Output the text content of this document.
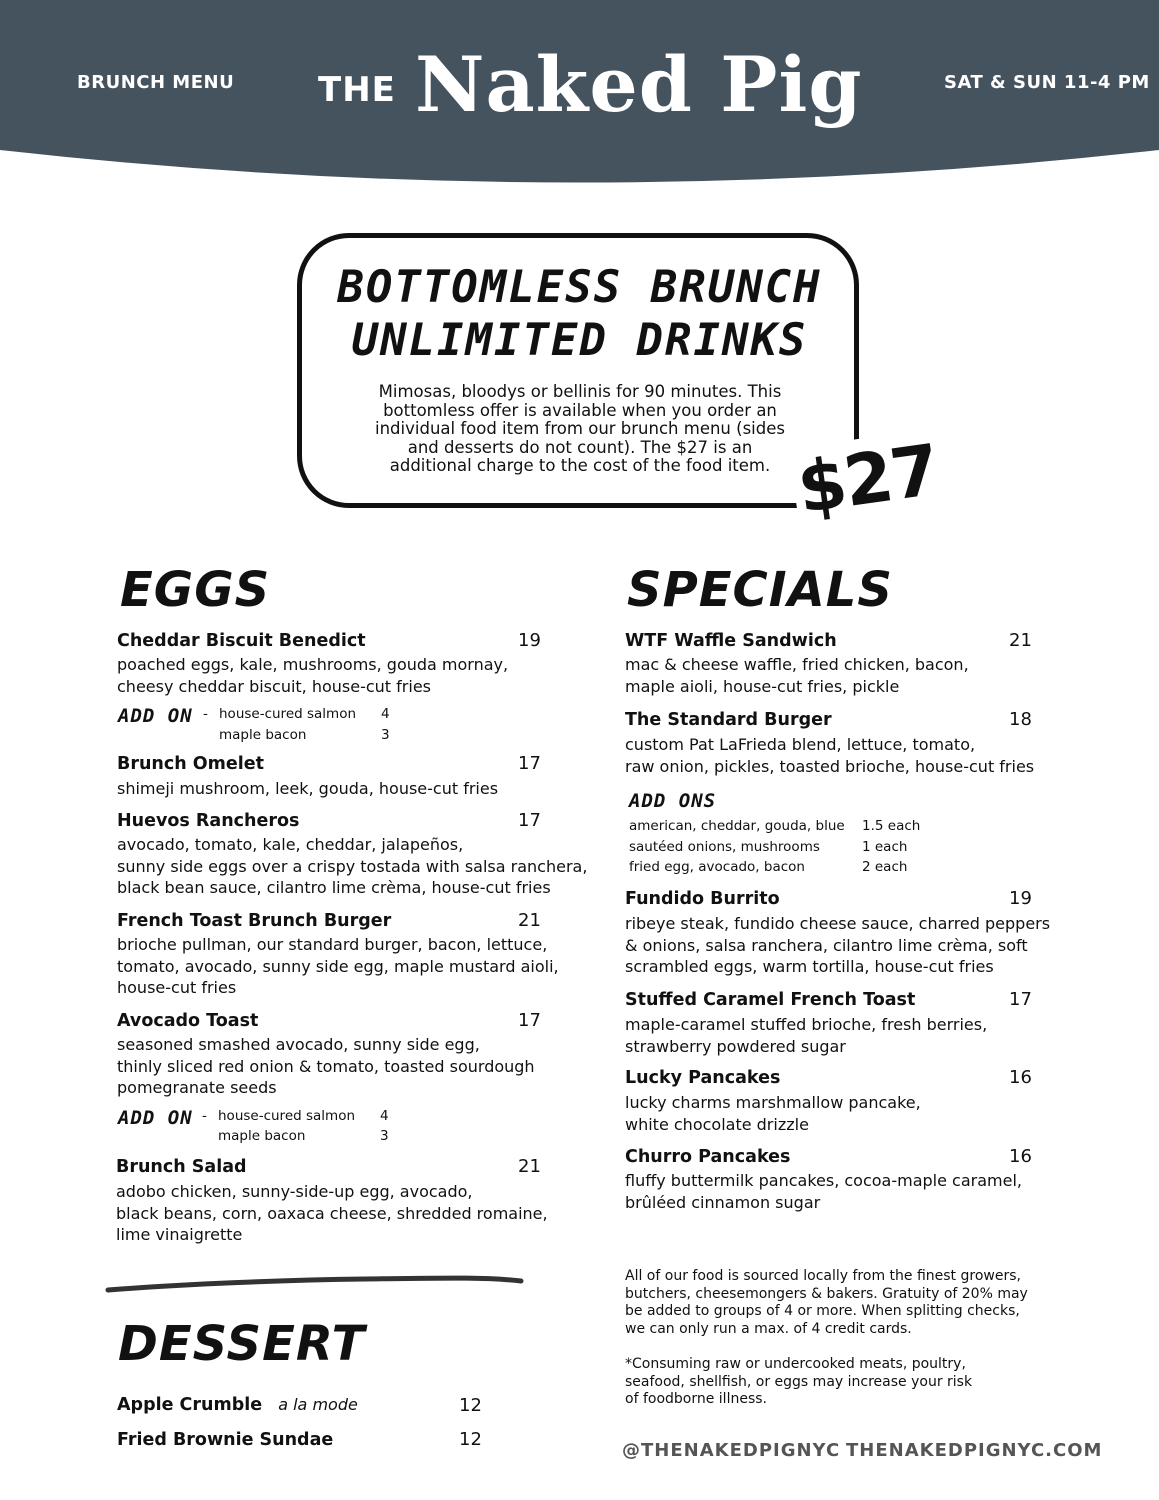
BRUNCH MENU THE Naked Pig	SAT & SUN 11-4 PM
BOTTOMLESS BRUNCH
UNLIMITED DRINKS
Mimosas, bloodys or bellinis for 90 minutes. This bottomless offer is available when you order an individual food item from our brunch menu (sides and desserts do not count). The $27 is an additional charge to the cost of the food item. $27
EGGS
Cheddar Biscuit Benedict	19
poached eggs, kale, mushrooms, gouda mornay,
cheesy cheddar biscuit, house-cut fries
ADD ON - house-cured salmon 4
maple bacon	3
Brunch Omelet	17
shimeji mushroom, leek, gouda, house-cut fries
Huevos Rancheros	17
avocado, tomato, kale, cheddar, jalapeños,
sunny side eggs over a crispy tostada with salsa ranchera,
black bean sauce, cilantro lime crèma, house-cut fries
French Toast Brunch Burger	21
brioche pullman, our standard burger, bacon, lettuce,
tomato, avocado, sunny side egg, maple mustard aioli,
house-cut fries
Avocado Toast	17
seasoned smashed avocado, sunny side egg,
thinly sliced red onion & tomato, toasted sourdough
pomegranate seeds
ADD ON - house-cured salmon 4
maple bacon	3
Brunch Salad	21
adobo chicken, sunny-side-up egg, avocado,
black beans, corn, oaxaca cheese, shredded romaine,
lime vinaigrette
DESSERT
Apple Crumble a la mode	12
Fried Brownie Sundae	12
SPECIALS
WTF Waffle Sandwich	21
mac & cheese waffle, fried chicken, bacon,
maple aioli, house-cut fries, pickle
The Standard Burger	18
custom Pat LaFrieda blend, lettuce, tomato,
raw onion, pickles, toasted brioche, house-cut fries
ADD ONS
american, cheddar, gouda, blue 1.5 each
sautéed onions, mushrooms	1 each
fried egg, avocado, bacon	2 each
Fundido Burrito	19
ribeye steak, fundido cheese sauce, charred peppers
& onions, salsa ranchera, cilantro lime crèma, soft
scrambled eggs, warm tortilla, house-cut fries
Stuffed Caramel French Toast	17
maple-caramel stuffed brioche, fresh berries,
strawberry powdered sugar
Lucky Pancakes	16
lucky charms marshmallow pancake,
white chocolate drizzle
Churro Pancakes	16
fluffy buttermilk pancakes, cocoa-maple caramel,
brûléed cinnamon sugar
All of our food is sourced locally from the finest growers,
butchers, cheesemongers & bakers. Gratuity of 20% may
be added to groups of 4 or more. When splitting checks,
we can only run a max. of 4 credit cards.
*Consuming raw or undercooked meats, poultry,
seafood, shellfish, or eggs may increase your risk
of foodborne illness.
@THENAKEDPIGNYC THENAKEDPIGNYC.COM
